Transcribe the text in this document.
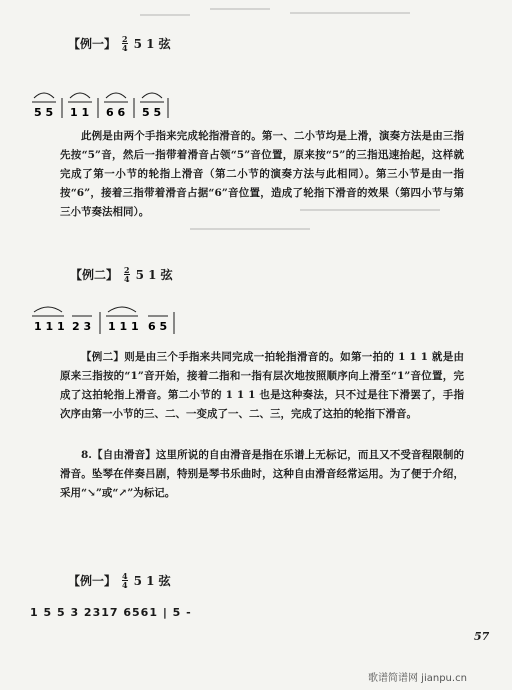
【例一】 $\frac{2}{4} 5$ 1 弦
5 5 1 1 6 6 5 5
此例是由两个手指来完成轮指滑音的。第一、二小节均是上滑，演奏方法是由三指先按“5”音，然后一指带着滑音占领“5”音位置，原来按“5”的三指迅速抬起，这样就完成了第一小节的轮指上滑音（第二小节的演奏方法与此相同）。第三小节是由一指按“6”，接着三指带着滑音占据“6”音位置，造成了轮指下滑音的效果（第四小节与第三小节奏法相同）。
【例二】 $\frac{2}{4} 5$ 1 弦
1 1 1 2 3 1 1 1 6 5
【例二】则是由三个手指来共同完成一拍轮指滑音的。如第一拍的 1 1 1 就是由原来三指按的“1”音开始，接着二指和一指有层次地按照顺序向上滑至“1”音位置，完成了这拍轮指上滑音。第二小节的 1 1 1 也是这种奏法，只不过是往下滑罢了，手指次序由第一小节的三、二、一变成了一、二、三，完成了这拍的轮指下滑音。
8.【自由滑音】这里所说的自由滑音是指在乐谱上无标记，而且又不受音程限制的滑音。坠琴在伴奏吕剧，特别是琴书乐曲时，这种自由滑音经常运用。为了便于介绍，采用“↘”或“↗”为标记。
【例一】 $\frac{4}{4} 5$ 1 弦
1 5 5 3 2317 6561 | 5 -
57
歌谱简谱网 jianpu.cn
